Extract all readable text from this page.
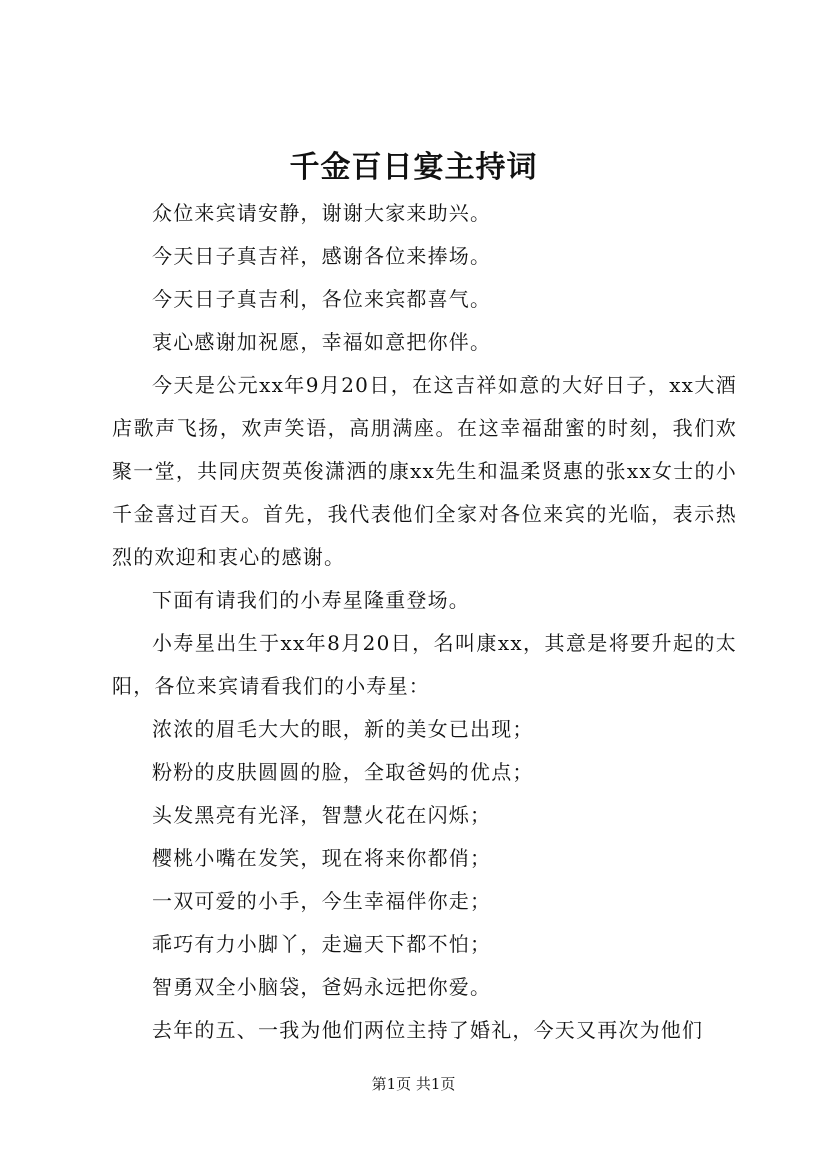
千金百日宴主持词

众位来宾请安静，谢谢大家来助兴。

今天日子真吉祥，感谢各位来捧场。

今天日子真吉利，各位来宾都喜气。

衷心感谢加祝愿，幸福如意把你伴。

今天是公元xx年9月20日，在这吉祥如意的大好日子，xx大酒店歌声飞扬，欢声笑语，高朋满座。在这幸福甜蜜的时刻，我们欢聚一堂，共同庆贺英俊潇洒的康xx先生和温柔贤惠的张xx女士的小千金喜过百天。首先，我代表他们全家对各位来宾的光临，表示热烈的欢迎和衷心的感谢。

下面有请我们的小寿星隆重登场。

小寿星出生于xx年8月20日，名叫康xx，其意是将要升起的太阳，各位来宾请看我们的小寿星：

浓浓的眉毛大大的眼，新的美女已出现；

粉粉的皮肤圆圆的脸，全取爸妈的优点；

头发黑亮有光泽，智慧火花在闪烁；

樱桃小嘴在发笑，现在将来你都俏；

一双可爱的小手，今生幸福伴你走；

乖巧有力小脚丫，走遍天下都不怕；

智勇双全小脑袋，爸妈永远把你爱。

去年的五、一我为他们两位主持了婚礼，今天又再次为他们

第1页 共1页
